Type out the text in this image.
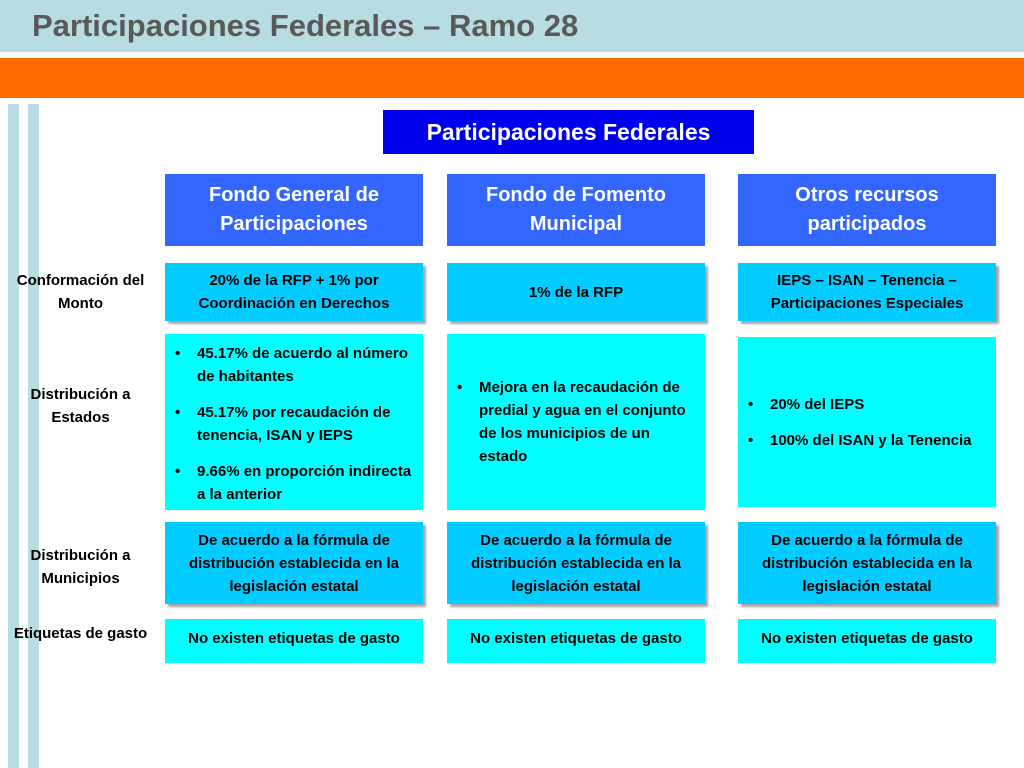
Participaciones Federales – Ramo 28
Participaciones Federales
Fondo General de Participaciones
Fondo de Fomento Municipal
Otros recursos participados
Conformación del Monto
Distribución a Estados
Distribución a Municipios
Etiquetas de gasto
20% de la RFP + 1% por Coordinación en Derechos
1% de la RFP
IEPS – ISAN – Tenencia – Participaciones Especiales
• 45.17% de acuerdo al número de habitantes
• 45.17% por recaudación de tenencia, ISAN y IEPS
• 9.66% en proporción indirecta a la anterior
• Mejora en la recaudación de predial y agua en el conjunto de los municipios de un estado
• 20% del IEPS
• 100% del ISAN y la Tenencia
De acuerdo a la fórmula de distribución establecida en la legislación estatal
De acuerdo a la fórmula de distribución establecida en la legislación estatal
De acuerdo a la fórmula de distribución establecida en la legislación estatal
No existen etiquetas de gasto	No existen etiquetas de gasto	No existen etiquetas de gasto
